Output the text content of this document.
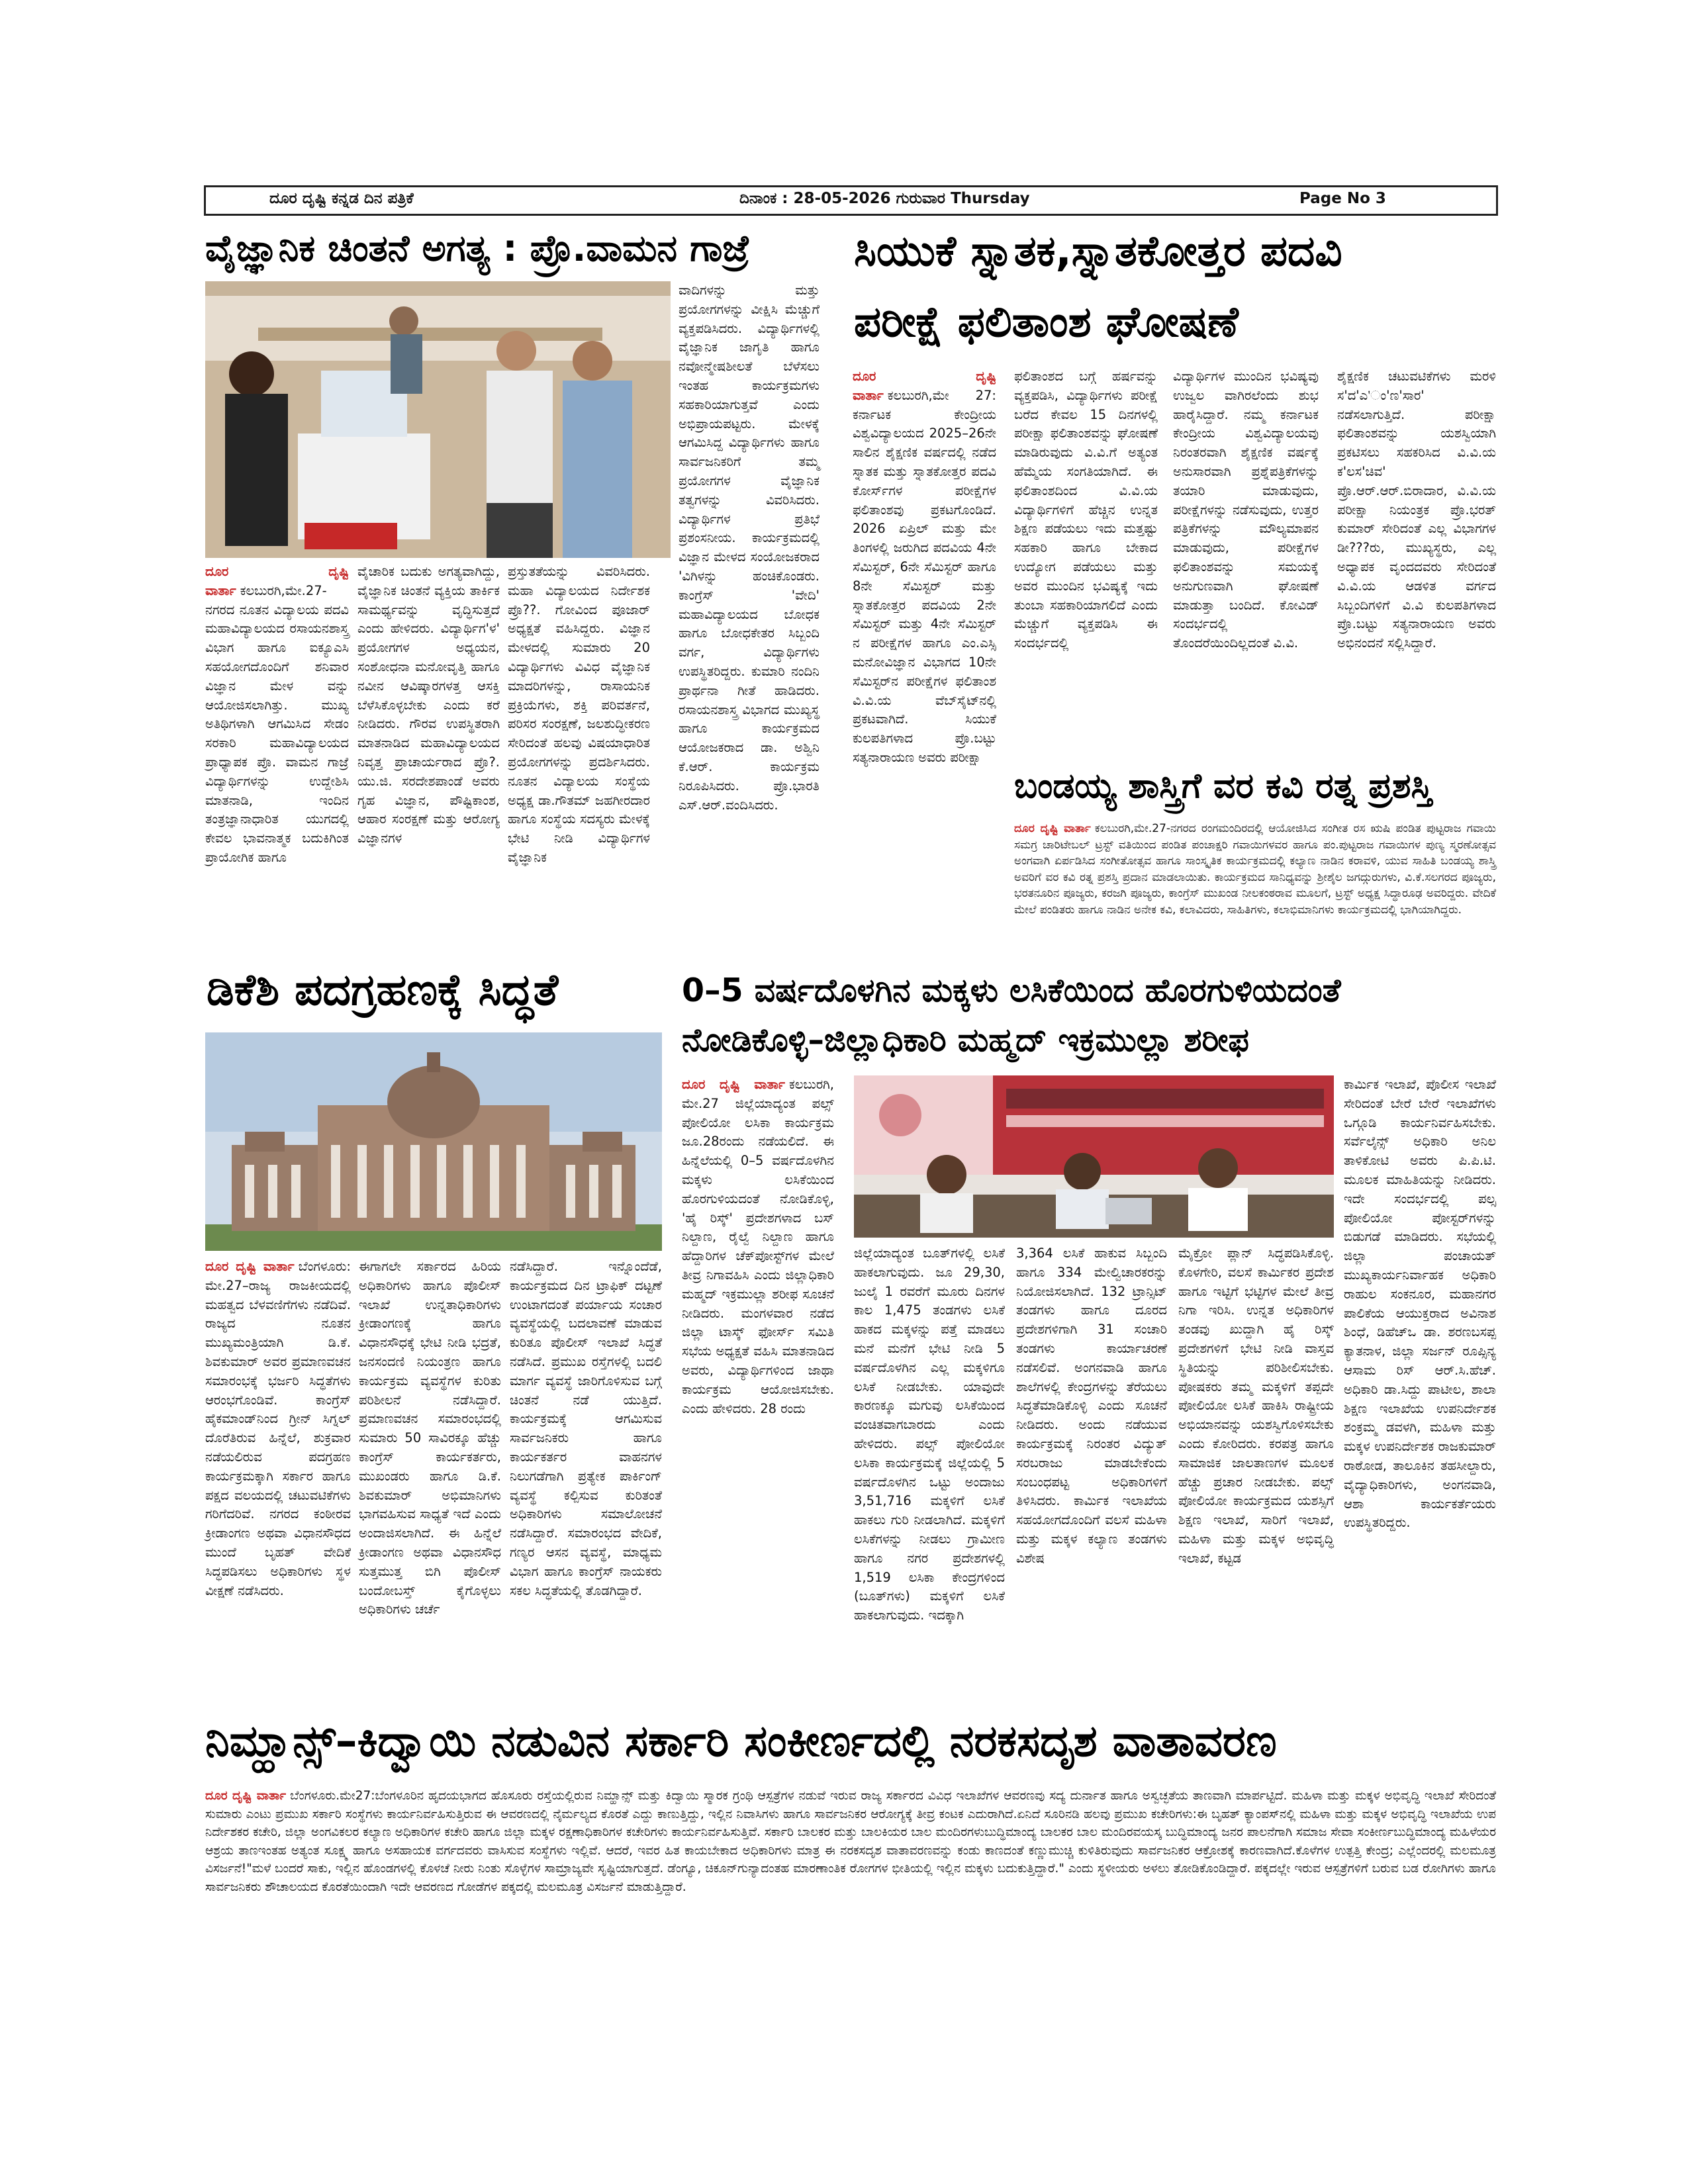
ದೂರ ದೃಷ್ಟಿ ಕನ್ನಡ ದಿನ ಪತ್ರಿಕೆ	ದಿನಾಂಕ : 28-05-2026 ಗುರುವಾರ Thursday	Page No 3
ವೈಜ್ಞಾನಿಕ ಚಿಂತನೆ ಅಗತ್ಯ : ಪ್ರೊ.ವಾಮನ ಗಾಜ್ರೆ
ವಾದಿಗಳನ್ನು ಮತ್ತು ಪ್ರಯೋಗಗಳನ್ನು ವೀಕ್ಷಿಸಿ ಮೆಚ್ಚುಗೆ ವ್ಯಕ್ತಪಡಿಸಿದರು. ವಿದ್ಯಾರ್ಥಿಗಳಲ್ಲಿ ವೈಜ್ಞಾನಿಕ ಜಾಗೃತಿ ಹಾಗೂ ನವೋನ್ಮೇಷಶೀಲತೆ ಬೆಳೆಸಲು ಇಂತಹ ಕಾರ್ಯಕ್ರಮಗಳು ಸಹಕಾರಿಯಾಗುತ್ತವೆ ಎಂದು ಅಭಿಪ್ರಾಯಪಟ್ಟರು. ಮೇಳಕ್ಕೆ ಆಗಮಿಸಿದ್ದ ವಿದ್ಯಾರ್ಥಿಗಳು ಹಾಗೂ ಸಾರ್ವಜನಿಕರಿಗೆ ತಮ್ಮ ಪ್ರಯೋಗಗಳ ವೈಜ್ಞಾನಿಕ ತತ್ವಗಳನ್ನು ವಿವರಿಸಿದರು. ವಿದ್ಯಾರ್ಥಿಗಳ ಪ್ರತಿಭೆ ಪ್ರಶಂಸನೀಯ. ಕಾರ್ಯಕ್ರಮದಲ್ಲಿ ವಿಜ್ಞಾನ ಮೇಳದ ಸಂಯೋಜಕರಾದ 'ವಿಗಿಳನ್ನು ಹಂಚಿಕೊಂಡರು. ಕಾಂಗ್ರೆಸ್ 'ವೇದಿ' ಮಹಾವಿದ್ಯಾಲಯದ ಬೋಧಕ ಹಾಗೂ ಬೋಧಕೇತರ ಸಿಬ್ಬಂದಿ ವರ್ಗ, ವಿದ್ಯಾರ್ಥಿಗಳು ಉಪಸ್ಥಿತರಿದ್ದರು. ಕುಮಾರಿ ನಂದಿನಿ ಪ್ರಾರ್ಥನಾ ಗೀತೆ ಹಾಡಿದರು. ರಸಾಯನಶಾಸ್ತ್ರ ವಿಭಾಗದ ಮುಖ್ಯಸ್ಥ ಹಾಗೂ ಕಾರ್ಯಕ್ರಮದ ಆಯೋಜಕರಾದ ಡಾ. ಅಶ್ವಿನಿ ಕೆ.ಆರ್. ಕಾರ್ಯಕ್ರಮ ನಿರೂಪಿಸಿದರು. ಪ್ರೊ.ಭಾರತಿ ಎಸ್.ಆರ್.ವಂದಿಸಿದರು.
ದೂರ ದೃಷ್ಟಿ ವಾರ್ತಾ ಕಲಬುರಗಿ,ಮೇ.27-ನಗರದ ನೂತನ ವಿದ್ಯಾಲಯ ಪದವಿ ಮಹಾವಿದ್ಯಾಲಯದ ರಸಾಯನಶಾಸ್ತ್ರ ವಿಭಾಗ ಹಾಗೂ ಐಕ್ಯೂಎಸಿ ಸಹಯೋಗದೊಂದಿಗೆ ಶನಿವಾರ ವಿಜ್ಞಾನ ಮೇಳ ವನ್ನು ಆಯೋಜಿಸಲಾಗಿತ್ತು. ಮುಖ್ಯ ಅತಿಥಿಗಳಾಗಿ ಆಗಮಿಸಿದ ಸೇಡಂ ಸರಕಾರಿ ಮಹಾವಿದ್ಯಾಲಯದ ಪ್ರಾಧ್ಯಾಪಕ ಪ್ರೊ. ವಾಮನ ಗಾಜ್ರೆ ವಿದ್ಯಾರ್ಥಿಗಳನ್ನು ಉದ್ದೇಶಿಸಿ ಮಾತನಾಡಿ, ಇಂದಿನ ತಂತ್ರಜ್ಞಾನಾಧಾರಿತ ಯುಗದಲ್ಲಿ ಕೇವಲ ಭಾವನಾತ್ಮಕ ಬದುಕಿಗಿಂತ ಪ್ರಾಯೋಗಿಕ ಹಾಗೂ
ವೈಚಾರಿಕ ಬದುಕು ಅಗತ್ಯವಾಗಿದ್ದು, ವೈಜ್ಞಾನಿಕ ಚಿಂತನೆ ವ್ಯಕ್ತಿಯ ತಾರ್ಕಿಕ ಸಾಮರ್ಥ್ಯವನ್ನು ವೃದ್ಧಿಸುತ್ತದೆ ಎಂದು ಹೇಳಿದರು. ವಿದ್ಯಾರ್ಥಿಗ'ಳ' ಪ್ರಯೋಗಗಳ ಅಧ್ಯಯನ, ಸಂಶೋಧನಾ ಮನೋವೃತ್ತಿ ಹಾಗೂ ನವೀನ ಆವಿಷ್ಕಾರಗಳತ್ತ ಆಸಕ್ತಿ ಬೆಳೆಸಿಕೊಳ್ಳಬೇಕು ಎಂದು ಕರೆ ನೀಡಿದರು. ಗೌರವ ಉಪಸ್ಥಿತರಾಗಿ ಮಾತನಾಡಿದ ಮಹಾವಿದ್ಯಾಲಯದ ನಿವೃತ್ತ ಪ್ರಾಚಾರ್ಯರಾದ ಪ್ರೊ?. ಯು.ಜಿ. ಸರದೇಶಪಾಂಡೆ ಅವರು ಗೃಹ ವಿಜ್ಞಾನ, ಪೌಷ್ಟಿಕಾಂಶ, ಆಹಾರ ಸಂರಕ್ಷಣೆ ಮತ್ತು ಆರೋಗ್ಯ ವಿಜ್ಞಾನಗಳ
ಪ್ರಸ್ತುತತೆಯನ್ನು ವಿವರಿಸಿದರು. ಮಹಾ ವಿದ್ಯಾಲಯದ ನಿರ್ದೇಶಕ ಪ್ರೊ??. ಗೋವಿಂದ ಪೂಜಾರ್ ಅಧ್ಯಕ್ಷತೆ ವಹಿಸಿದ್ದರು. ವಿಜ್ಞಾನ ಮೇಳದಲ್ಲಿ ಸುಮಾರು 20 ವಿದ್ಯಾರ್ಥಿಗಳು ವಿವಿಧ ವೈಜ್ಞಾನಿಕ ಮಾದರಿಗಳನ್ನು, ರಾಸಾಯನಿಕ ಪ್ರಕ್ರಿಯೆಗಳು, ಶಕ್ತಿ ಪರಿವರ್ತನೆ, ಪರಿಸರ ಸಂರಕ್ಷಣೆ, ಜಲಶುದ್ಧೀಕರಣ ಸೇರಿದಂತೆ ಹಲವು ವಿಷಯಾಧಾರಿತ ಪ್ರಯೋಗಗಳನ್ನು ಪ್ರದರ್ಶಿಸಿದರು. ನೂತನ ವಿದ್ಯಾಲಯ ಸಂಸ್ಥೆಯ ಅಧ್ಯಕ್ಷ ಡಾ.ಗೌತಮ್ ಜಹಗೀರದಾರ ಹಾಗೂ ಸಂಸ್ಥೆಯ ಸದಸ್ಯರು ಮೇಳಕ್ಕೆ ಭೇಟಿ ನೀಡಿ ವಿದ್ಯಾರ್ಥಿಗಳ ವೈಜ್ಞಾನಿಕ
ಸಿಯುಕೆ ಸ್ನಾತಕ,ಸ್ನಾತಕೋತ್ತರ ಪದವಿ
ಪರೀಕ್ಷೆ ಫಲಿತಾಂಶ ಘೋಷಣೆ
ದೂರ ದೃಷ್ಟಿ ವಾರ್ತಾ ಕಲಬುರಗಿ,ಮೇ 27: ಕರ್ನಾಟಕ ಕೇಂದ್ರೀಯ ವಿಶ್ವವಿದ್ಯಾಲಯದ 2025–26ನೇ ಸಾಲಿನ ಶೈಕ್ಷಣಿಕ ವರ್ಷದಲ್ಲಿ ನಡೆದ ಸ್ನಾತಕ ಮತ್ತು ಸ್ನಾತಕೋತ್ತರ ಪದವಿ ಕೋರ್ಸ್‌ಗಳ ಪರೀಕ್ಷೆಗಳ ಫಲಿತಾಂಶವು ಪ್ರಕಟಗೊಂಡಿದೆ. 2026 ಏಪ್ರಿಲ್ ಮತ್ತು ಮೇ ತಿಂಗಳಲ್ಲಿ ಜರುಗಿದ ಪದವಿಯ 4ನೇ ಸೆಮಿಸ್ಟರ್, 6ನೇ ಸೆಮಿಸ್ಟರ್ ಹಾಗೂ 8ನೇ ಸೆಮಿಸ್ಟರ್ ಮತ್ತು ಸ್ನಾತಕೋತ್ತರ ಪದವಿಯ 2ನೇ ಸೆಮಿಸ್ಟರ್ ಮತ್ತು 4ನೇ ಸೆಮಿಸ್ಟರ್ ನ ಪರೀಕ್ಷೆಗಳ ಹಾಗೂ ಎಂ.ಎಸ್ಸಿ ಮನೋವಿಜ್ಞಾನ ವಿಭಾಗದ 10ನೇ ಸೆಮಿಸ್ಟರ್‌ನ ಪರೀಕ್ಷೆಗಳ ಫಲಿತಾಂಶ ವಿ.ವಿ.ಯ ವೆಬ್‌ಸೈಟ್‌ನಲ್ಲಿ ಪ್ರಕಟವಾಗಿದೆ. ಸಿಯುಕೆ ಕುಲಪತಿಗಳಾದ ಪ್ರೊ.ಬಟ್ಟು ಸತ್ಯನಾರಾಯಣ ಅವರು ಪರೀಕ್ಷಾ
ಫಲಿತಾಂಶದ ಬಗ್ಗೆ ಹರ್ಷವನ್ನು ವ್ಯಕ್ತಪಡಿಸಿ, ವಿದ್ಯಾರ್ಥಿಗಳು ಪರೀಕ್ಷೆ ಬರೆದ ಕೇವಲ 15 ದಿನಗಳಲ್ಲಿ ಪರೀಕ್ಷಾ ಫಲಿತಾಂಶವನ್ನು ಘೋಷಣೆ ಮಾಡಿರುವುದು ವಿ.ವಿ.ಗೆ ಅತ್ಯಂತ ಹೆಮ್ಮೆಯ ಸಂಗತಿಯಾಗಿದೆ. ಈ ಫಲಿತಾಂಶದಿಂದ ವಿ.ವಿ.ಯ ವಿದ್ಯಾರ್ಥಿಗಳಿಗೆ ಹೆಚ್ಚಿನ ಉನ್ನತ ಶಿಕ್ಷಣ ಪಡೆಯಲು ಇದು ಮತ್ತಷ್ಟು ಸಹಕಾರಿ ಹಾಗೂ ಬೇಕಾದ ಉದ್ಯೋಗ ಪಡೆಯಲು ಮತ್ತು ಅವರ ಮುಂದಿನ ಭವಿಷ್ಯಕ್ಕೆ ಇದು ತುಂಬಾ ಸಹಕಾರಿಯಾಗಲಿದೆ ಎಂದು ಮೆಚ್ಚುಗೆ ವ್ಯಕ್ತಪಡಿಸಿ ಈ ಸಂದರ್ಭದಲ್ಲಿ
ವಿದ್ಯಾರ್ಥಿಗಳ ಮುಂದಿನ ಭವಿಷ್ಯವು ಉಜ್ವಲ ವಾಗಿರಲೆಂದು ಶುಭ ಹಾರೈಸಿದ್ದಾರೆ. ನಮ್ಮ ಕರ್ನಾಟಕ ಕೇಂದ್ರೀಯ ವಿಶ್ವವಿದ್ಯಾಲಯವು ನಿರಂತರವಾಗಿ ಶೈಕ್ಷಣಿಕ ವರ್ಷಕ್ಕೆ ಅನುಸಾರವಾಗಿ ಪ್ರಶ್ನೆಪತ್ರಿಕೆಗಳನ್ನು ತಯಾರಿ ಮಾಡುವುದು, ಪರೀಕ್ಷೆಗಳನ್ನು ನಡೆಸುವುದು, ಉತ್ತರ ಪತ್ರಿಕೆಗಳನ್ನು ಮೌಲ್ಯಮಾಪನ ಮಾಡುವುದು, ಪರೀಕ್ಷೆಗಳ ಫಲಿತಾಂಶವನ್ನು ಸಮಯಕ್ಕೆ ಅನುಗುಣವಾಗಿ ಘೋಷಣೆ ಮಾಡುತ್ತಾ ಬಂದಿದೆ. ಕೋವಿಡ್ ಸಂದರ್ಭದಲ್ಲಿ ತೊಂದರೆಯಿಂದಿಲ್ಲದಂತೆ ವಿ.ವಿ.
ಶೈಕ್ಷಣಿಕ ಚಟುವಟಿಕೆಗಳು ಮರಳಿ ಸ'ದ'ಎ'ಂ'ಣ'ಸಾರ' ನಡೆಸಲಾಗುತ್ತಿದೆ. ಪರೀಕ್ಷಾ ಫಲಿತಾಂಶವನ್ನು ಯಶಸ್ವಿಯಾಗಿ ಪ್ರಕಟಿಸಲು ಸಹಕರಿಸಿದ ವಿ.ವಿ.ಯ ಕ'ಲಸ'ಚಿವ' ಪ್ರೊ.ಆರ್.ಆರ್.ಬಿರಾದಾರ, ವಿ.ವಿ.ಯ ಪರೀಕ್ಷಾ ನಿಯಂತ್ರಕ ಪ್ರೊ.ಭರತ್ ಕುಮಾರ್ ಸೇರಿದಂತೆ ಎಲ್ಲ ವಿಭಾಗಗಳ ಡೀ???ರು, ಮುಖ್ಯಸ್ಥರು, ಎಲ್ಲ ಅಧ್ಯಾಪಕ ವೃಂದದವರು ಸೇರಿದಂತೆ ವಿ.ವಿ.ಯ ಆಡಳಿತ ವರ್ಗದ ಸಿಬ್ಬಂದಿಗಳಿಗೆ ವಿ.ವಿ ಕುಲಪತಿಗಳಾದ ಪ್ರೊ.ಬಟ್ಟು ಸತ್ಯನಾರಾಯಣ ಅವರು ಅಭಿನಂದನೆ ಸಲ್ಲಿಸಿದ್ದಾರೆ.
ಬಂಡಯ್ಯ ಶಾಸ್ತ್ರಿಗೆ ವರ ಕವಿ ರತ್ನ ಪ್ರಶಸ್ತಿ
ದೂರ ದೃಷ್ಟಿ ವಾರ್ತಾ ಕಲಬುರಗಿ,ಮೇ.27-ನಗರದ ರಂಗಮಂದಿರದಲ್ಲಿ ಆಯೋಜಿಸಿದ ಸಂಗೀತ ರಸ ಋಷಿ ಪಂಡಿತ ಪುಟ್ಟರಾಜ ಗವಾಯಿ ಸಮಗ್ರ ಚಾರಿಟೇಬಲ್ ಟ್ರಸ್ಟ್ ವತಿಯಿಂದ ಪಂಡಿತ ಪಂಚಾಕ್ಷರಿ ಗವಾಯಿಗಳವರ ಹಾಗೂ ಪಂ.ಪುಟ್ಟರಾಜ ಗವಾಯಿಗಳ ಪುಣ್ಯ ಸ್ಮರಣೋತ್ಸವ ಅಂಗವಾಗಿ ಏರ್ಪಡಿಸಿದ ಸಂಗೀತೋತ್ಸವ ಹಾಗೂ ಸಾಂಸ್ಕೃತಿಕ ಕಾರ್ಯಕ್ರಮದಲ್ಲಿ ಕಲ್ಯಾಣ ನಾಡಿನ ಕರಾವಳಿ, ಯುವ ಸಾಹಿತಿ ಬಂಡಯ್ಯ ಶಾಸ್ತ್ರಿ ಅವರಿಗೆ ವರ ಕವಿ ರತ್ನ ಪ್ರಶಸ್ತಿ ಪ್ರದಾನ ಮಾಡಲಾಯಿತು. ಕಾರ್ಯಕ್ರಮದ ಸಾನಿಧ್ಯವನ್ನು ಶ್ರೀಶೈಲ ಜಗದ್ಗುರುಗಳು, ವಿ.ಕೆ.ಸಲಗರದ ಪೂಜ್ಯರು, ಭರತನೂರಿನ ಪೂಜ್ಯರು, ಕರಜಗಿ ಪೂಜ್ಯರು, ಕಾಂಗ್ರೆಸ್ ಮುಖಂಡ ನೀಲಕಂಠರಾವ ಮೂಲಗೆ, ಟ್ರಸ್ಟ್ ಅಧ್ಯಕ್ಷ ಸಿದ್ಧಾರೂಢ ಅವರಿದ್ದರು. ವೇದಿಕೆ ಮೇಲೆ ಪಂಡಿತರು ಹಾಗೂ ನಾಡಿನ ಅನೇಕ ಕವಿ, ಕಲಾವಿದರು, ಸಾಹಿತಿಗಳು, ಕಲಾಭಿಮಾನಿಗಳು ಕಾರ್ಯಕ್ರಮದಲ್ಲಿ ಭಾಗಿಯಾಗಿದ್ದರು.
ಡಿಕೆಶಿ ಪದಗ್ರಹಣಕ್ಕೆ ಸಿದ್ಧತೆ
ದೂರ ದೃಷ್ಟಿ ವಾರ್ತಾ ಬೆಂಗಳೂರು: ಮೇ.27–ರಾಜ್ಯ ರಾಜಕೀಯದಲ್ಲಿ ಮಹತ್ವದ ಬೆಳವಣಿಗೆಗಳು ನಡೆದಿವೆ. ರಾಜ್ಯದ ನೂತನ ಮುಖ್ಯಮಂತ್ರಿಯಾಗಿ ಡಿ.ಕೆ. ಶಿವಕುಮಾರ್ ಅವರ ಪ್ರಮಾಣವಚನ ಸಮಾರಂಭಕ್ಕೆ ಭರ್ಜರಿ ಸಿದ್ಧತೆಗಳು ಆರಂಭಗೊಂಡಿವೆ. ಕಾಂಗ್ರೆಸ್ ಹೈಕಮಾಂಡ್‌ನಿಂದ ಗ್ರೀನ್ ಸಿಗ್ನಲ್ ದೊರೆತಿರುವ ಹಿನ್ನೆಲೆ, ಶುಕ್ರವಾರ ನಡೆಯಲಿರುವ ಪದಗ್ರಹಣ ಕಾರ್ಯಕ್ರಮಕ್ಕಾಗಿ ಸರ್ಕಾರ ಹಾಗೂ ಪಕ್ಷದ ವಲಯದಲ್ಲಿ ಚಟುವಟಿಕೆಗಳು ಗರಿಗೆದರಿವೆ. ನಗರದ ಕಂಠೀರವ ಕ್ರೀಡಾಂಗಣ ಅಥವಾ ವಿಧಾನಸೌಧದ ಮುಂದೆ ಬೃಹತ್ ವೇದಿಕೆ ಸಿದ್ಧಪಡಿಸಲು ಅಧಿಕಾರಿಗಳು ಸ್ಥಳ ವೀಕ್ಷಣೆ ನಡೆಸಿದರು.
ಈಗಾಗಲೇ ಸರ್ಕಾರದ ಹಿರಿಯ ಅಧಿಕಾರಿಗಳು ಹಾಗೂ ಪೊಲೀಸ್ ಇಲಾಖೆ ಉನ್ನತಾಧಿಕಾರಿಗಳು ಕ್ರೀಡಾಂಗಣಕ್ಕೆ ಹಾಗೂ ವಿಧಾನಸೌಧಕ್ಕೆ ಭೇಟಿ ನೀಡಿ ಭದ್ರತೆ, ಜನಸಂದಣಿ ನಿಯಂತ್ರಣ ಹಾಗೂ ಕಾರ್ಯಕ್ರಮ ವ್ಯವಸ್ಥೆಗಳ ಕುರಿತು ಪರಿಶೀಲನೆ ನಡೆಸಿದ್ದಾರೆ. ಪ್ರಮಾಣವಚನ ಸಮಾರಂಭದಲ್ಲಿ ಸುಮಾರು 50 ಸಾವಿರಕ್ಕೂ ಹೆಚ್ಚು ಕಾಂಗ್ರೆಸ್ ಕಾರ್ಯಕರ್ತರು, ಮುಖಂಡರು ಹಾಗೂ ಡಿ.ಕೆ. ಶಿವಕುಮಾರ್ ಅಭಿಮಾನಿಗಳು ಭಾಗವಹಿಸುವ ಸಾಧ್ಯತೆ ಇದೆ ಎಂದು ಅಂದಾಜಿಸಲಾಗಿದೆ. ಈ ಹಿನ್ನೆಲೆ ಕ್ರೀಡಾಂಗಣ ಅಥವಾ ವಿಧಾನಸೌಧ ಸುತ್ತಮುತ್ತ ಬಿಗಿ ಪೊಲೀಸ್ ಬಂದೋಬಸ್ತ್ ಕೈಗೊಳ್ಳಲು ಅಧಿಕಾರಿಗಳು ಚರ್ಚೆ
ನಡೆಸಿದ್ದಾರೆ. ಇನ್ನೊಂದೆಡೆ, ಕಾರ್ಯಕ್ರಮದ ದಿನ ಟ್ರಾಫಿಕ್ ದಟ್ಟಣೆ ಉಂಟಾಗದಂತೆ ಪರ್ಯಾಯ ಸಂಚಾರ ವ್ಯವಸ್ಥೆಯಲ್ಲಿ ಬದಲಾವಣೆ ಮಾಡುವ ಕುರಿತೂ ಪೊಲೀಸ್ ಇಲಾಖೆ ಸಿದ್ಧತೆ ನಡೆಸಿದೆ. ಪ್ರಮುಖ ರಸ್ತೆಗಳಲ್ಲಿ ಬದಲಿ ಮಾರ್ಗ ವ್ಯವಸ್ಥೆ ಜಾರಿಗೊಳಿಸುವ ಬಗ್ಗೆ ಚಿಂತನೆ ನಡೆ ಯುತ್ತಿದೆ. ಕಾರ್ಯಕ್ರಮಕ್ಕೆ ಆಗಮಿಸುವ ಸಾರ್ವಜನಿಕರು ಹಾಗೂ ಕಾರ್ಯಕರ್ತರ ವಾಹನಗಳ ನಿಲುಗಡೆಗಾಗಿ ಪ್ರತ್ಯೇಕ ಪಾರ್ಕಿಂಗ್ ವ್ಯವಸ್ಥೆ ಕಲ್ಪಿಸುವ ಕುರಿತಂತೆ ಅಧಿಕಾರಿಗಳು ಸಮಾಲೋಚನೆ ನಡೆಸಿದ್ದಾರೆ. ಸಮಾರಂಭದ ವೇದಿಕೆ, ಗಣ್ಯರ ಆಸನ ವ್ಯವಸ್ಥೆ, ಮಾಧ್ಯಮ ವಿಭಾಗ ಹಾಗೂ ಕಾಂಗ್ರೆಸ್ ನಾಯಕರು ಸಕಲ ಸಿದ್ಧತೆಯಲ್ಲಿ ತೊಡಗಿದ್ದಾರೆ.
0–5 ವರ್ಷದೊಳಗಿನ ಮಕ್ಕಳು ಲಸಿಕೆಯಿಂದ ಹೊರಗುಳಿಯದಂತೆ
ನೋಡಿಕೊಳ್ಳಿ–ಜಿಲ್ಲಾಧಿಕಾರಿ ಮಹ್ಮದ್ ಇಕ್ರಮುಲ್ಲಾ ಶರೀಫ
ದೂರ ದೃಷ್ಟಿ ವಾರ್ತಾ ಕಲಬುರಗಿ, ಮೇ.27 ಜಿಲ್ಲೆಯಾದ್ಯಂತ ಪಲ್ಸ್ ಪೋಲಿಯೋ ಲಸಿಕಾ ಕಾರ್ಯಕ್ರಮ ಜೂ.28ರಂದು ನಡೆಯಲಿದೆ. ಈ ಹಿನ್ನೆಲೆಯಲ್ಲಿ 0–5 ವರ್ಷದೊಳಗಿನ ಮಕ್ಕಳು ಲಸಿಕೆಯಿಂದ ಹೊರಗುಳಿಯದಂತೆ ನೋಡಿಕೊಳ್ಳಿ, 'ಹೈ ರಿಸ್ಕ್' ಪ್ರದೇಶಗಳಾದ ಬಸ್ ನಿಲ್ದಾಣ, ರೈಲ್ವೆ ನಿಲ್ದಾಣ ಹಾಗೂ ಹೆದ್ದಾರಿಗಳ ಚೆಕ್‌ಪೋಸ್ಟ್‌ಗಳ ಮೇಲೆ ತೀವ್ರ ನಿಗಾವಹಿಸಿ ಎಂದು ಜಿಲ್ಲಾಧಿಕಾರಿ ಮಹ್ಮದ್ ಇಕ್ರಮುಲ್ಲಾ ಶರೀಫ ಸೂಚನೆ ನೀಡಿದರು. ಮಂಗಳವಾರ ನಡೆದ ಜಿಲ್ಲಾ ಟಾಸ್ಕ್ ಫೋರ್ಸ್ ಸಮಿತಿ ಸಭೆಯ ಅಧ್ಯಕ್ಷತೆ ವಹಿಸಿ ಮಾತನಾಡಿದ ಅವರು, ವಿದ್ಯಾರ್ಥಿಗಳಿಂದ ಜಾಥಾ ಕಾರ್ಯಕ್ರಮ ಆಯೋಜಿಸಬೇಕು. ಎಂದು ಹೇಳಿದರು. 28 ರಂದು
ಕಾರ್ಮಿಕ ಇಲಾಖೆ, ಪೊಲೀಸ ಇಲಾಖೆ ಸೇರಿದಂತೆ ಬೇರೆ ಬೇರೆ ಇಲಾಖೆಗಳು ಒಗ್ಗೂಡಿ ಕಾರ್ಯನಿರ್ವಹಿಸಬೇಕು. ಸರ್ವೆಲೈನ್ಸ್ ಅಧಿಕಾರಿ ಅನಿಲ ತಾಳಿಕೋಟಿ ಅವರು ಪಿ.ಪಿ.ಟಿ. ಮೂಲಕ ಮಾಹಿತಿಯನ್ನು ನೀಡಿದರು. ಇದೇ ಸಂದರ್ಭದಲ್ಲಿ ಪಲ್ಸ ಪೋಲಿಯೋ ಪೋಸ್ಟರ್‌ಗಳನ್ನು ಬಿಡುಗಡೆ ಮಾಡಿದರು. ಸಭೆಯಲ್ಲಿ ಜಿಲ್ಲಾ ಪಂಚಾಯತ್ ಮುಖ್ಯಕಾರ್ಯನಿರ್ವಾಹಕ ಅಧಿಕಾರಿ ರಾಹುಲ ಸಂಕನೂರ, ಮಹಾನಗರ ಪಾಲಿಕೆಯ ಆಯುಕ್ತರಾದ ಅವಿನಾಶ ಶಿಂಧೆ, ಡಿಹೆಚ್ಒ ಡಾ. ಶರಣಬಸಪ್ಪ ಕ್ಯಾತನಾಳ, ಜಿಲ್ಲಾ ಸರ್ಜನ್ ರೂಪ್ಸಿನ್ಯ ಆಸಾಮ ರಿಸ್ ಆರ್.ಸಿ.ಹೆಚ್. ಅಧಿಕಾರಿ ಡಾ.ಸಿದ್ದು ಪಾಟೀಲ, ಶಾಲಾ ಶಿಕ್ಷಣ ಇಲಾಖೆಯ ಉಪನಿರ್ದೇಶಕ ಶಂಕ್ರಮ್ಮ ಡವಳಗಿ, ಮಹಿಳಾ ಮತ್ತು ಮಕ್ಕಳ ಉಪನಿರ್ದೇಶಕ ರಾಜಕುಮಾರ್ ರಾಠೋಡ, ತಾಲೂಕಿನ ತಹಸೀಲ್ದಾರು, ವೈದ್ಯಾಧಿಕಾರಿಗಳು, ಅಂಗನವಾಡಿ, ಆಶಾ ಕಾರ್ಯಕರ್ತೆಯರು ಉಪಸ್ಥಿತರಿದ್ದರು.
ಜಿಲ್ಲೆಯಾದ್ಯಂತ ಬೂತ್‌ಗಳಲ್ಲಿ ಲಸಿಕೆ ಹಾಕಲಾಗುವುದು. ಜೂ 29,30, ಜುಲೈ 1 ರವರೆಗೆ ಮೂರು ದಿನಗಳ ಕಾಲ 1,475 ತಂಡಗಳು ಲಸಿಕೆ ಹಾಕದ ಮಕ್ಕಳನ್ನು ಪತ್ತೆ ಮಾಡಲು ಮನೆ ಮನೆಗೆ ಭೇಟಿ ನೀಡಿ 5 ವರ್ಷದೊಳಗಿನ ಎಲ್ಲ ಮಕ್ಕಳಿಗೂ ಲಸಿಕೆ ನೀಡಬೇಕು. ಯಾವುದೇ ಕಾರಣಕ್ಕೂ ಮಗುವು ಲಸಿಕೆಯಿಂದ ವಂಚಿತವಾಗಬಾರದು ಎಂದು ಹೇಳಿದರು. ಪಲ್ಸ್ ಪೋಲಿಯೋ ಲಸಿಕಾ ಕಾರ್ಯಕ್ರಮಕ್ಕೆ ಜಿಲ್ಲೆಯಲ್ಲಿ 5 ವರ್ಷದೊಳಗಿನ ಒಟ್ಟು ಅಂದಾಜು 3,51,716 ಮಕ್ಕಳಿಗೆ ಲಸಿಕೆ ಹಾಕಲು ಗುರಿ ನೀಡಲಾಗಿದೆ. ಮಕ್ಕಳಿಗೆ ಲಸಿಕೆಗಳನ್ನು ನೀಡಲು ಗ್ರಾಮೀಣ ಹಾಗೂ ನಗರ ಪ್ರದೇಶಗಳಲ್ಲಿ 1,519 ಲಸಿಕಾ ಕೇಂದ್ರಗಳಿಂದ (ಬೂತ್‌ಗಳು) ಮಕ್ಕಳಿಗೆ ಲಸಿಕೆ ಹಾಕಲಾಗುವುದು. ಇದಕ್ಕಾಗಿ
3,364 ಲಸಿಕೆ ಹಾಕುವ ಸಿಬ್ಬಂದಿ ಹಾಗೂ 334 ಮೇಲ್ವಿಚಾರಕರನ್ನು ನಿಯೋಜಿಸಲಾಗಿದೆ. 132 ಟ್ರಾನ್ಸಿಟ್ ತಂಡಗಳು ಹಾಗೂ ದೂರದ ಪ್ರದೇಶಗಳಿಗಾಗಿ 31 ಸಂಚಾರಿ ತಂಡಗಳು ಕಾರ್ಯಾಚರಣೆ ನಡೆಸಲಿವೆ. ಅಂಗನವಾಡಿ ಹಾಗೂ ಶಾಲೆಗಳಲ್ಲಿ ಕೇಂದ್ರಗಳನ್ನು ತೆರೆಯಲು ಸಿದ್ಧತೆಮಾಡಿಕೊಳ್ಳಿ ಎಂದು ಸೂಚನೆ ನೀಡಿದರು. ಅಂದು ನಡೆಯುವ ಕಾರ್ಯಕ್ರಮಕ್ಕೆ ನಿರಂತರ ವಿದ್ಯುತ್ ಸರಬರಾಜು ಮಾಡಬೇಕೆಂದು ಸಂಬಂಧಪಟ್ಟ ಅಧಿಕಾರಿಗಳಿಗೆ ತಿಳಿಸಿದರು. ಕಾರ್ಮಿಕ ಇಲಾಖೆಯ ಸಹಯೋಗದೊಂದಿಗೆ ವಲಸೆ ಮಹಿಳಾ ಮತ್ತು ಮಕ್ಕಳ ಕಲ್ಯಾಣ ತಂಡಗಳು ವಿಶೇಷ
ಮೈಕ್ರೋ ಪ್ಲಾನ್ ಸಿದ್ಧಪಡಿಸಿಕೊಳ್ಳಿ. ಕೊಳಗೇರಿ, ವಲಸೆ ಕಾರ್ಮಿಕರ ಪ್ರದೇಶ ಹಾಗೂ ಇಟ್ಟಿಗೆ ಭಟ್ಟಿಗಳ ಮೇಲೆ ತೀವ್ರ ನಿಗಾ ಇರಿಸಿ. ಉನ್ನತ ಅಧಿಕಾರಿಗಳ ತಂಡವು ಖುದ್ದಾಗಿ ಹೈ ರಿಸ್ಕ್ ಪ್ರದೇಶಗಳಿಗೆ ಭೇಟಿ ನೀಡಿ ವಾಸ್ತವ ಸ್ಥಿತಿಯನ್ನು ಪರಿಶೀಲಿಸಬೇಕು. ಪೋಷಕರು ತಮ್ಮ ಮಕ್ಕಳಿಗೆ ತಪ್ಪದೇ ಪೋಲಿಯೋ ಲಸಿಕೆ ಹಾಕಿಸಿ ರಾಷ್ಟ್ರೀಯ ಅಭಿಯಾನವನ್ನು ಯಶಸ್ವಿಗೊಳಿಸಬೇಕು ಎಂದು ಕೋರಿದರು. ಕರಪತ್ರ ಹಾಗೂ ಸಾಮಾಜಿಕ ಜಾಲತಾಣಗಳ ಮೂಲಕ ಹೆಚ್ಚು ಪ್ರಚಾರ ನೀಡಬೇಕು. ಪಲ್ಸ್ ಪೋಲಿಯೋ ಕಾರ್ಯಕ್ರಮದ ಯಶಸ್ಸಿಗೆ ಶಿಕ್ಷಣ ಇಲಾಖೆ, ಸಾರಿಗೆ ಇಲಾಖೆ, ಮಹಿಳಾ ಮತ್ತು ಮಕ್ಕಳ ಅಭಿವೃದ್ಧಿ ಇಲಾಖೆ, ಕಟ್ಟಡ
ನಿಮ್ಹಾನ್ಸ್–ಕಿದ್ವಾಯಿ ನಡುವಿನ ಸರ್ಕಾರಿ ಸಂಕೀರ್ಣದಲ್ಲಿ ನರಕಸದೃಶ ವಾತಾವರಣ
ದೂರ ದೃಷ್ಟಿ ವಾರ್ತಾ ಬೆಂಗಳೂರು.ಮೇ27:ಬೆಂಗಳೂರಿನ ಹೃದಯಭಾಗದ ಹೊಸೂರು ರಸ್ತೆಯಲ್ಲಿರುವ ನಿಮ್ಹಾನ್ಸ್ ಮತ್ತು ಕಿದ್ವಾಯಿ ಸ್ಮಾರಕ ಗ್ರಂಥಿ ಆಸ್ಪತ್ರೆಗಳ ನಡುವೆ ಇರುವ ರಾಜ್ಯ ಸರ್ಕಾರದ ವಿವಿಧ ಇಲಾಖೆಗಳ ಆವರಣವು ಸದ್ಯ ದುರ್ನಾತ ಹಾಗೂ ಅಸ್ವಚ್ಛತೆಯ ತಾಣವಾಗಿ ಮಾರ್ಪಟ್ಟಿದೆ. ಮಹಿಳಾ ಮತ್ತು ಮಕ್ಕಳ ಅಭಿವೃದ್ಧಿ ಇಲಾಖೆ ಸೇರಿದಂತೆ ಸುಮಾರು ಎಂಟು ಪ್ರಮುಖ ಸರ್ಕಾರಿ ಸಂಸ್ಥೆಗಳು ಕಾರ್ಯನಿರ್ವಹಿಸುತ್ತಿರುವ ಈ ಆವರಣದಲ್ಲಿ ನೈರ್ಮಲ್ಯದ ಕೊರತೆ ಎದ್ದು ಕಾಣುತ್ತಿದ್ದು, ಇಲ್ಲಿನ ನಿವಾಸಿಗಳು ಹಾಗೂ ಸಾರ್ವಜನಿಕರ ಆರೋಗ್ಯಕ್ಕೆ ತೀವ್ರ ಕಂಟಕ ಎದುರಾಗಿದೆ.ಏನಿದೆ ಸೂರಿನಡಿ ಹಲವು ಪ್ರಮುಖ ಕಚೇರಿಗಳು:ಈ ಬೃಹತ್ ಕ್ಯಾಂಪಸ್‌ನಲ್ಲಿ ಮಹಿಳಾ ಮತ್ತು ಮಕ್ಕಳ ಅಭಿವೃದ್ಧಿ ಇಲಾಖೆಯ ಉಪ ನಿರ್ದೇಶಕರ ಕಚೇರಿ, ಜಿಲ್ಲಾ ಅಂಗವಿಕಲರ ಕಲ್ಯಾಣ ಅಧಿಕಾರಿಗಳ ಕಚೇರಿ ಹಾಗೂ ಜಿಲ್ಲಾ ಮಕ್ಕಳ ರಕ್ಷಣಾಧಿಕಾರಿಗಳ ಕಚೇರಿಗಳು ಕಾರ್ಯನಿರ್ವಹಿಸುತ್ತಿವೆ. ಸರ್ಕಾರಿ ಬಾಲಕರ ಮತ್ತು ಬಾಲಕಿಯರ ಬಾಲ ಮಂದಿರಗಳುಬುದ್ಧಿಮಾಂದ್ಯ ಬಾಲಕರ ಬಾಲ ಮಂದಿರವಯಸ್ಕ ಬುದ್ಧಿಮಾಂದ್ಯ ಜನರ ಪಾಲನೆಗಾಗಿ ಸಮಾಜ ಸೇವಾ ಸಂಕೀರ್ಣಬುದ್ಧಿಮಾಂದ್ಯ ಮಹಿಳೆಯರ ಆಶ್ರಯ ತಾಣಇಂತಹ ಅತ್ಯಂತ ಸೂಕ್ಷ್ಮ ಹಾಗೂ ಅಸಹಾಯಕ ವರ್ಗದವರು ವಾಸಿಸುವ ಸಂಸ್ಥೆಗಳು ಇಲ್ಲಿವೆ. ಆದರೆ, ಇವರ ಹಿತ ಕಾಯಬೇಕಾದ ಅಧಿಕಾರಿಗಳು ಮಾತ್ರ ಈ ನರಕಸದೃಶ ವಾತಾವರಣವನ್ನು ಕಂಡು ಕಾಣದಂತೆ ಕಣ್ಣುಮುಚ್ಚಿ ಕುಳಿತಿರುವುದು ಸಾರ್ವಜನಿಕರ ಆಕ್ರೋಶಕ್ಕೆ ಕಾರಣವಾಗಿದೆ.ಕೊಳೆಗಳ ಉತ್ಪತ್ತಿ ಕೇಂದ್ರ; ಎಲ್ಲೆಂದರಲ್ಲಿ ಮಲಮೂತ್ರ ವಿಸರ್ಜನೆ!"ಮಳೆ ಬಂದರೆ ಸಾಕು, ಇಲ್ಲಿನ ಹೊಂಡಗಳಲ್ಲಿ ಕೊಳಚೆ ನೀರು ನಿಂತು ಸೊಳ್ಳೆಗಳ ಸಾಮ್ರಾಜ್ಯವೇ ಸೃಷ್ಟಿಯಾಗುತ್ತದೆ. ಡೆಂಗ್ಯೂ, ಚಿಕೂನ್‌ಗುನ್ಯಾದಂತಹ ಮಾರಣಾಂತಿಕ ರೋಗಗಳ ಭೀತಿಯಲ್ಲಿ ಇಲ್ಲಿನ ಮಕ್ಕಳು ಬದುಕುತ್ತಿದ್ದಾರೆ." ಎಂದು ಸ್ಥಳೀಯರು ಅಳಲು ತೋಡಿಕೊಂಡಿದ್ದಾರೆ. ಪಕ್ಕದಲ್ಲೇ ಇರುವ ಆಸ್ಪತ್ರೆಗಳಿಗೆ ಬರುವ ಬಡ ರೋಗಿಗಳು ಹಾಗೂ ಸಾರ್ವಜನಿಕರು ಶೌಚಾಲಯದ ಕೊರತೆಯಿಂದಾಗಿ ಇದೇ ಆವರಣದ ಗೋಡೆಗಳ ಪಕ್ಕದಲ್ಲಿ ಮಲಮೂತ್ರ ವಿಸರ್ಜನೆ ಮಾಡುತ್ತಿದ್ದಾರೆ.
